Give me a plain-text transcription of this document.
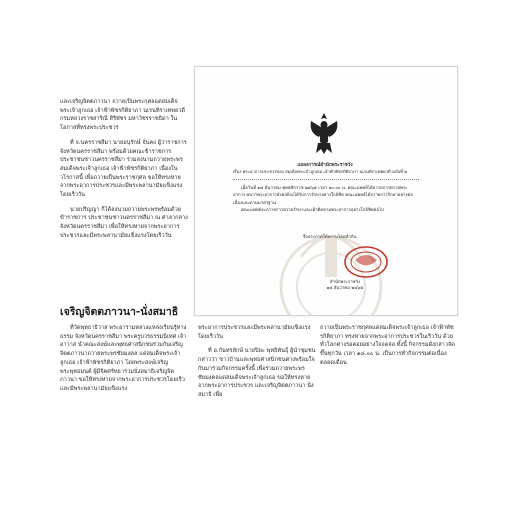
และเจริญจิตตภาวนา ถวายเป็นพระกุศลแด่สมเด็จพระเจ้าลูกเธอ เจ้าฟ้าพัชรกิติยาภา นเรนทิราเทพยวดี กรมหลวงราชสาริณี สิริพัชร มหาวัชรราชธิดา ในโอกาสที่ทรงพระประชวร

ที่ จ.นครราชสีมา นายอนุรักษ์ จั่นคง ผู้ว่าราชการจังหวัดนครราชสีมา พร้อมด้วยคณะข้าราชการ ประชาชนชาวนครราชสีมา ร่วมลงนามถวายพระพร สมเด็จพระเจ้าลูกเธอ เจ้าฟ้าพัชรกิติยาภา เนื่องในวโรกาสนี้ เพื่อถวายเป็นพระราชกุศล ขอให้ทรงหายจากพระอาการประชวรและมีพระพลานามัยแข็งแรงโดยเร็ววัน

นายปริญญา ก็ได้ลงนามถวายพระพรพร้อมด้วยข้าราชการ ประชาชนชาวนครราชสีมา ณ ศาลากลางจังหวัดนครราชสีมา เพื่อให้ทรงหายจากพระอาการประชวรและมีพระพลานามัยแข็งแรงโดยเร็ววัน

เจริญจิตตภาวนา-นั่งสมาธิ

ที่วัดพุทธาธิวาส พระอารามหลวงแหล่งเรียนรู้ทางธรรม จังหวัดนครราชสีมา พระครูบวรธรรมนิเทศ เจ้าอาวาส นำคณะสงฆ์และพุทธศาสนิกชนร่วมกันเจริญจิตตภาวนาถวายพระพรชัยมงคล แด่สมเด็จพระเจ้าลูกเธอ เจ้าฟ้าพัชรกิติยาภา โดยพระสงฆ์เจริญพระพุทธมนต์ ผู้มีจิตศรัทธาร่วมนั่งสมาธิเจริญจิตภาวนา ขอให้ทรงหายจากพระอาการประชวรโดยเร็ว และมีพระพลานามัยแข็งแรง

แถลงการณ์สำนักพระราชวัง
เรื่อง พระอาการประชวรของ สมเด็จพระเจ้าลูกเธอ เจ้าฟ้าพัชรกิติยาภา นเรนทิราเทพยวดี ฉบับที่ ๒

เมื่อวันที่ ๑๔ ธันวาคม พุทธศักราช ๒๕๖๕ เวลา ๒๐.๐๐ น. คณะแพทย์ได้ถวายการตรวจพระอาการ พบว่าพระอาการยังคงต้องได้รับการรักษาอย่างใกล้ชิด คณะแพทย์ได้ถวายการรักษาอย่างต่อเนื่องและตามมาตรฐาน

คณะแพทย์จะถวายการตรวจรักษาและเฝ้าติดตามพระอาการอย่างใกล้ชิดต่อไป

จึงประกาศให้ทราบโดยทั่วกัน
สำนักพระราชวัง
๑๕ ธันวาคม ๒๕๖๕

พระอาการประชวรและมีพระพลานามัยแข็งแรงโดยเร็ววัน

ที่ อ.กันทรลักษ์ นายปิยะ พุทธิพันธุ์ ผู้นำชุมชน กล่าวว่า ชาวบ้านและพุทธศาสนิกชนต่างพร้อมใจกันมาร่วมกิจกรรมครั้งนี้ เพื่อร่วมถวายพระพรชัยมงคลแด่สมเด็จพระเจ้าลูกเธอ ขอให้ทรงหายจากพระอาการประชวร และเจริญจิตตภาวนา นั่งสมาธิ เพื่อ

ถวายเป็นพระราชกุศลแด่สมเด็จพระเจ้าลูกเธอ เจ้าฟ้าพัชรกิติยาภา ทรงหายจากพระอาการประชวรในเร็ววัน ด้วยทั่วโลกต่างรอคอยอย่างใจจดจ่อ ทั้งนี้ กิจกรรมดังกล่าวจัดขึ้นทุกวัน เวลา ๑๘.๐๐ น. เป็นการทำกิจกรรมต่อเนื่องตลอดเดือน
